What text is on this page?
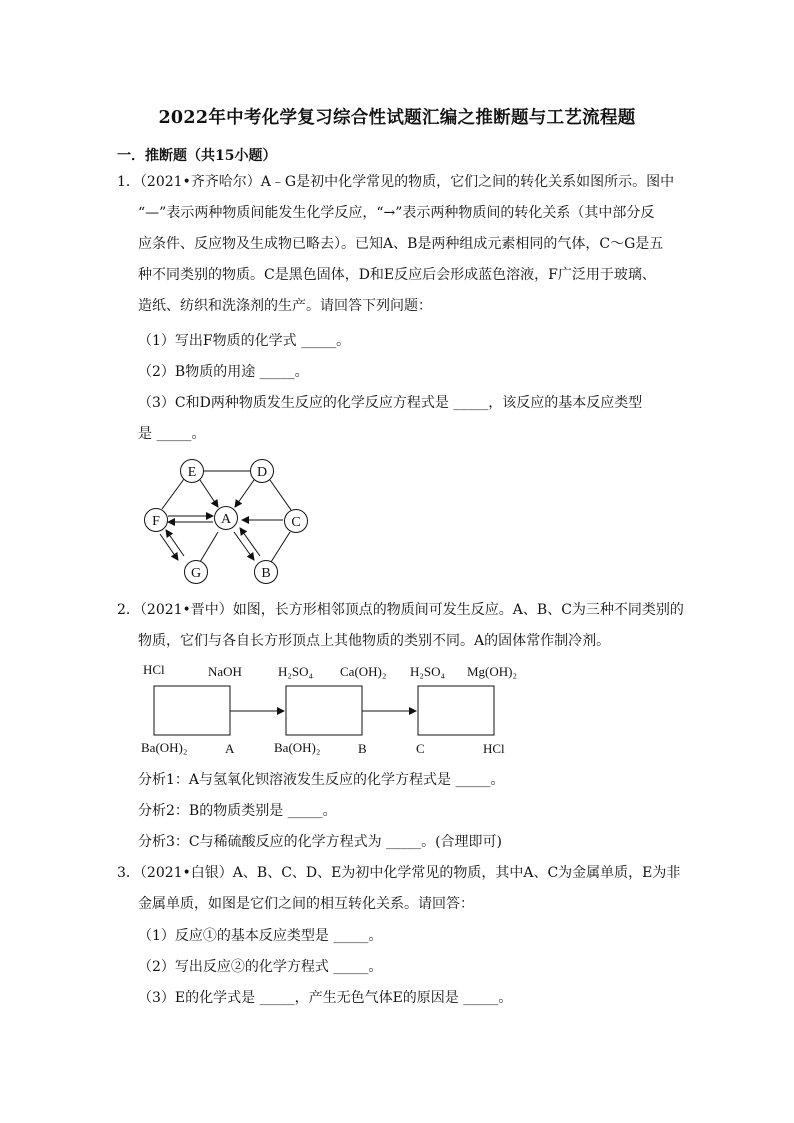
2022年中考化学复习综合性试题汇编之推断题与工艺流程题
一．推断题（共15小题）
1．（2021•齐齐哈尔）A﹣G是初中化学常见的物质，它们之间的转化关系如图所示。图中
“—”表示两种物质间能发生化学反应，“→”表示两种物质间的转化关系（其中部分反
应条件、反应物及生成物已略去）。已知A、B是两种组成元素相同的气体，C～G是五
种不同类别的物质。C是黑色固体，D和E反应后会形成蓝色溶液，F广泛用于玻璃、
造纸、纺织和洗涤剂的生产。请回答下列问题：
（1）写出F物质的化学式 _____。
（2）B物质的用途 _____。
（3）C和D两种物质发生反应的化学反应方程式是 _____，该反应的基本反应类型
是 _____。
E	D
F	A	C
G	B
2．（2021•晋中）如图，长方形相邻顶点的物质间可发生反应。A、B、C为三种不同类别的
物质，它们与各自长方形顶点上其他物质的类别不同。A的固体常作制冷剂。
HCl	NaOH	H₂SO₄ Ca(OH)₂ H₂SO₄ Mg(OH)₂
Ba(OH)₂	A	Ba(OH)₂	B	C	HCl
分析1：A与氢氧化钡溶液发生反应的化学方程式是 _____。
分析2：B的物质类别是 _____。
分析3：C与稀硫酸反应的化学方程式为 _____。(合理即可)
3．（2021•白银）A、B、C、D、E为初中化学常见的物质，其中A、C为金属单质，E为非
金属单质，如图是它们之间的相互转化关系。请回答：
（1）反应①的基本反应类型是 _____。
（2）写出反应②的化学方程式 _____。
（3）E的化学式是 _____，产生无色气体E的原因是 _____。
